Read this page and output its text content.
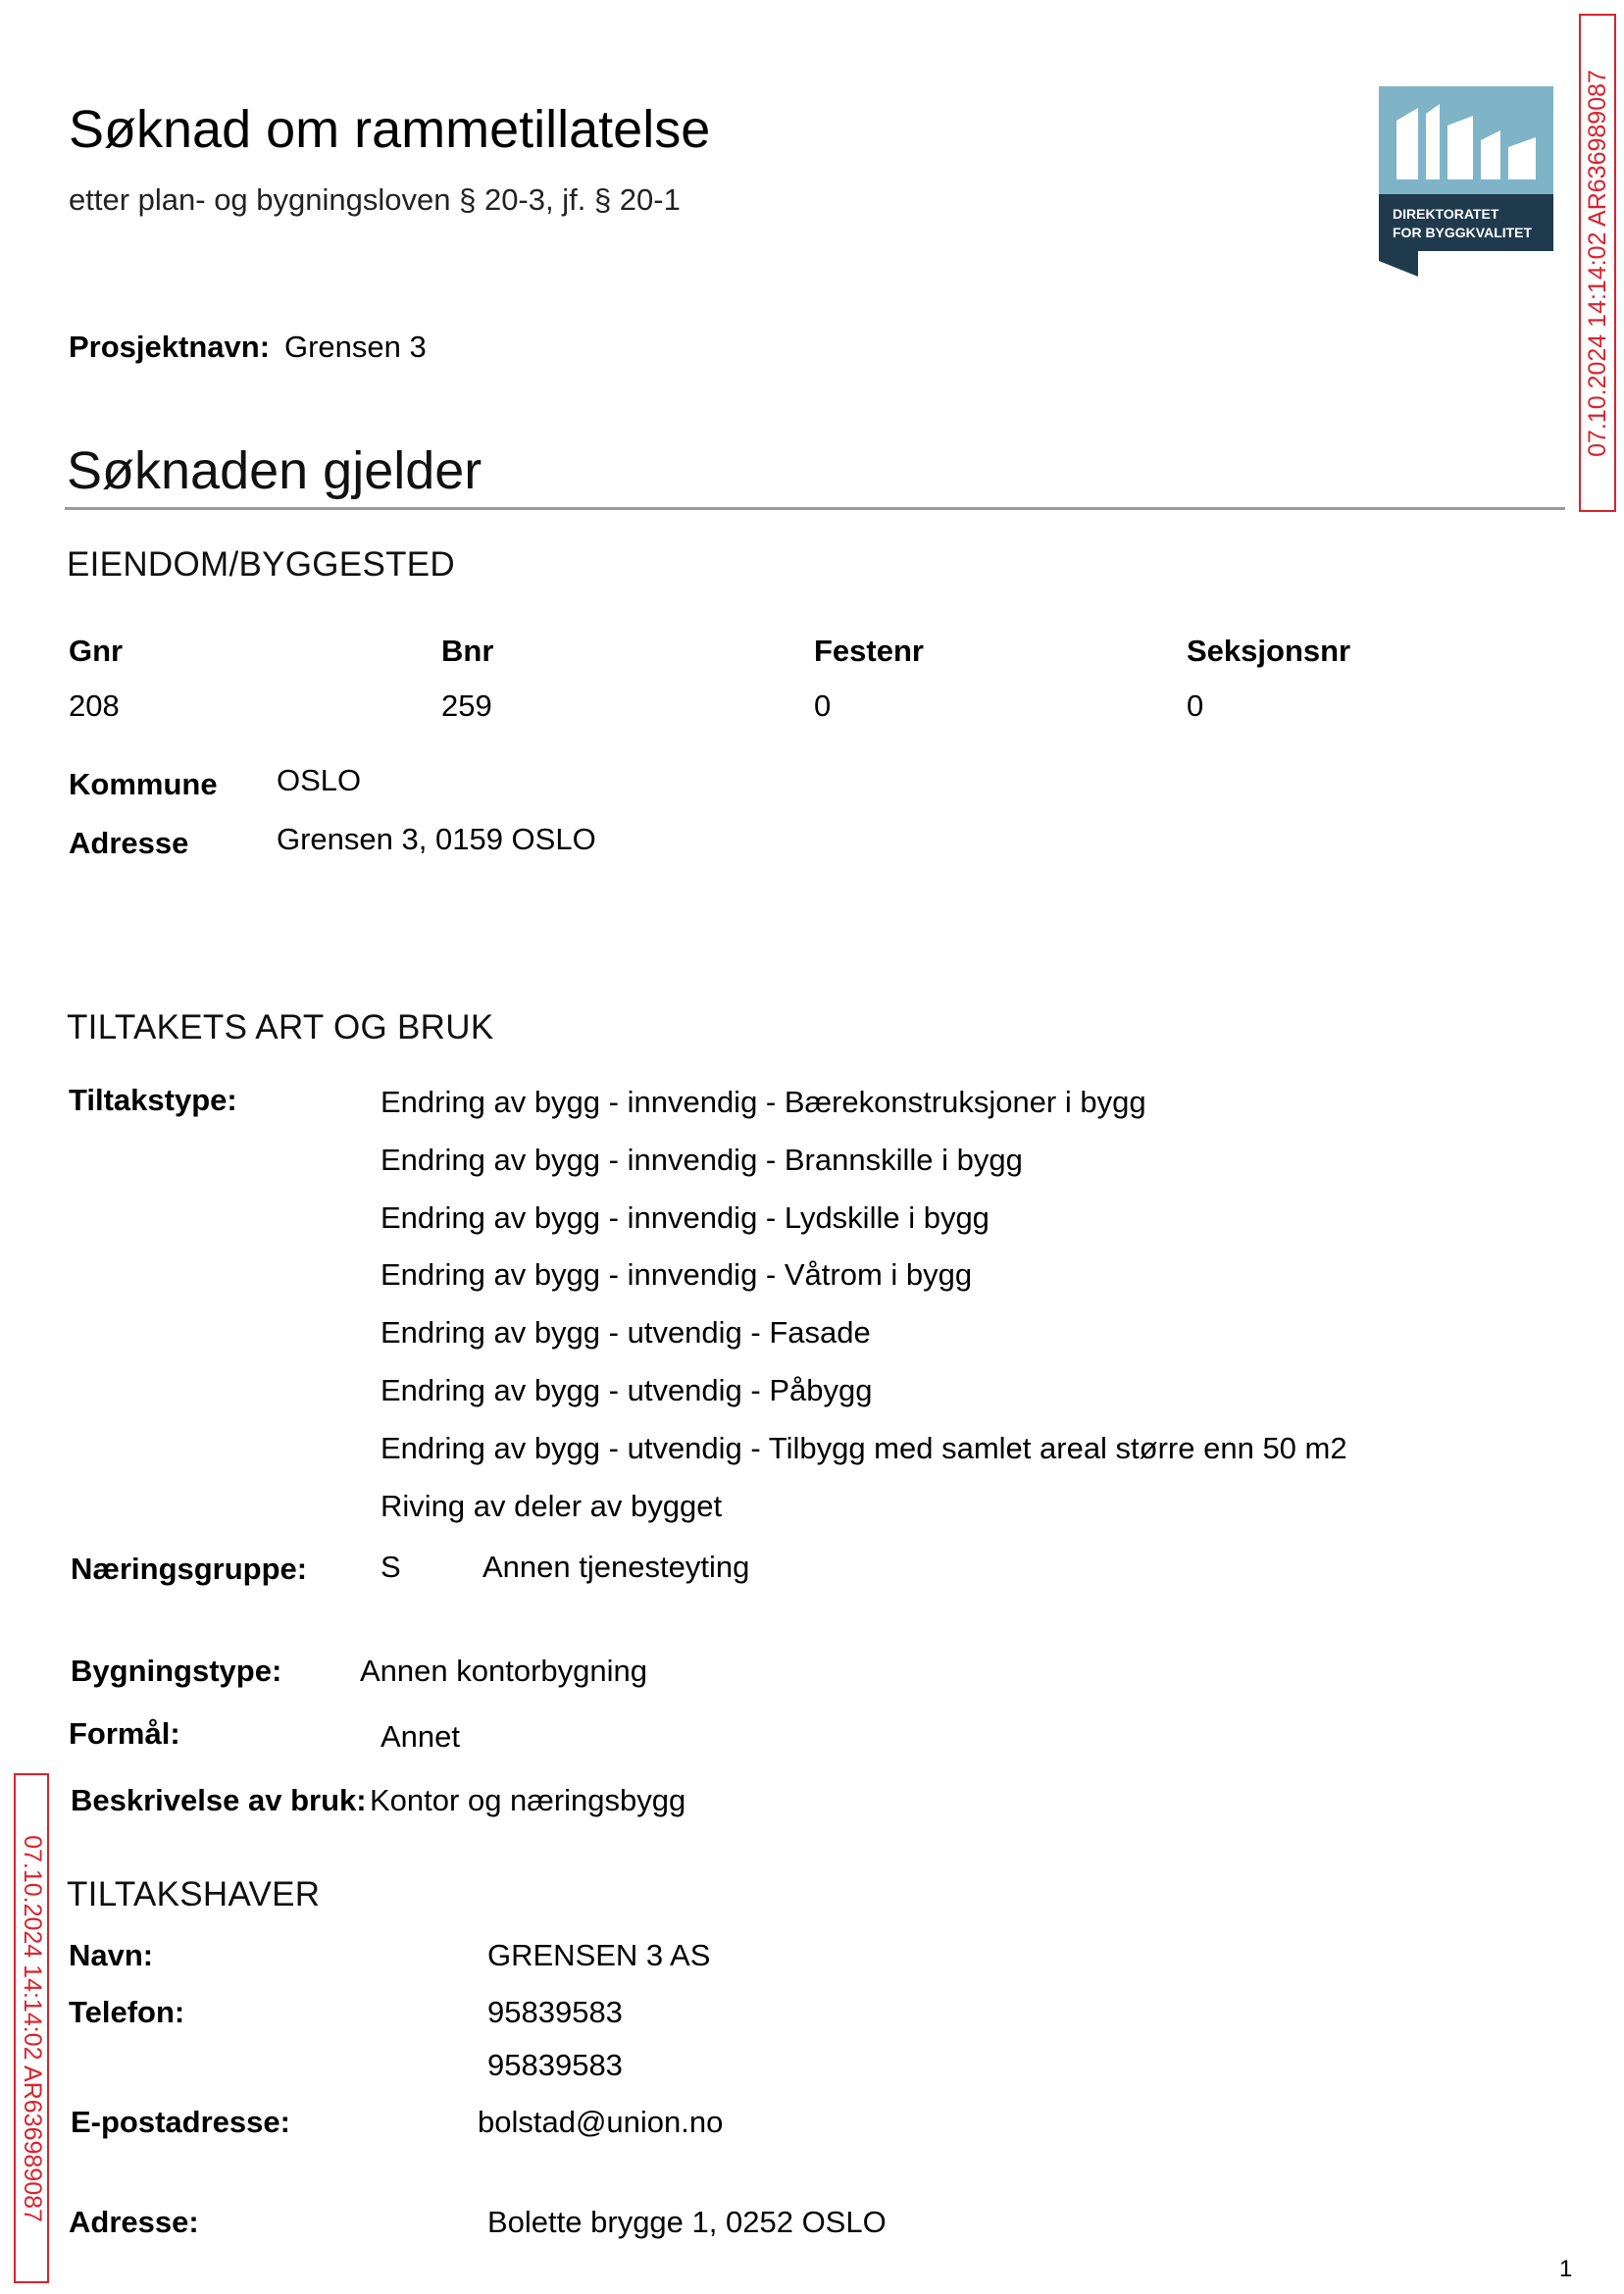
Søknad om rammetillatelse
etter plan- og bygningsloven § 20-3, jf. § 20-1	DIREKTORATET
FOR BYGGKVALITET 07.10.2024 14:14:02 AR636989087
07.10.2024 14:14:02 AR636989087
Prosjektnavn: Grensen 3
Søknaden gjelder
EIENDOM/BYGGESTED
Gnr	Bnr	Festenr	Seksjonsnr
208	259	0	0
Kommune OSLO
Adresse	Grensen 3, 0159 OSLO
TILTAKETS ART OG BRUK
Tiltakstype:	Endring av bygg - innvendig - Bærekonstruksjoner i bygg
Endring av bygg - innvendig - Brannskille i bygg
Endring av bygg - innvendig - Lydskille i bygg
Endring av bygg - innvendig - Våtrom i bygg
Endring av bygg - utvendig - Fasade
Endring av bygg - utvendig - Påbygg
Endring av bygg - utvendig - Tilbygg med samlet areal større enn 50 m2
Riving av deler av bygget
Næringsgruppe: S	Annen tjenesteyting
Bygningstype:	Annen kontorbygning
Formål:	Annet
Beskrivelse av bruk: Kontor og næringsbygg
TILTAKSHAVER
Navn:	GRENSEN 3 AS
Telefon:	95839583
95839583
E-postadresse:	bolstad@union.no
Adresse:	Bolette brygge 1, 0252 OSLO
1
